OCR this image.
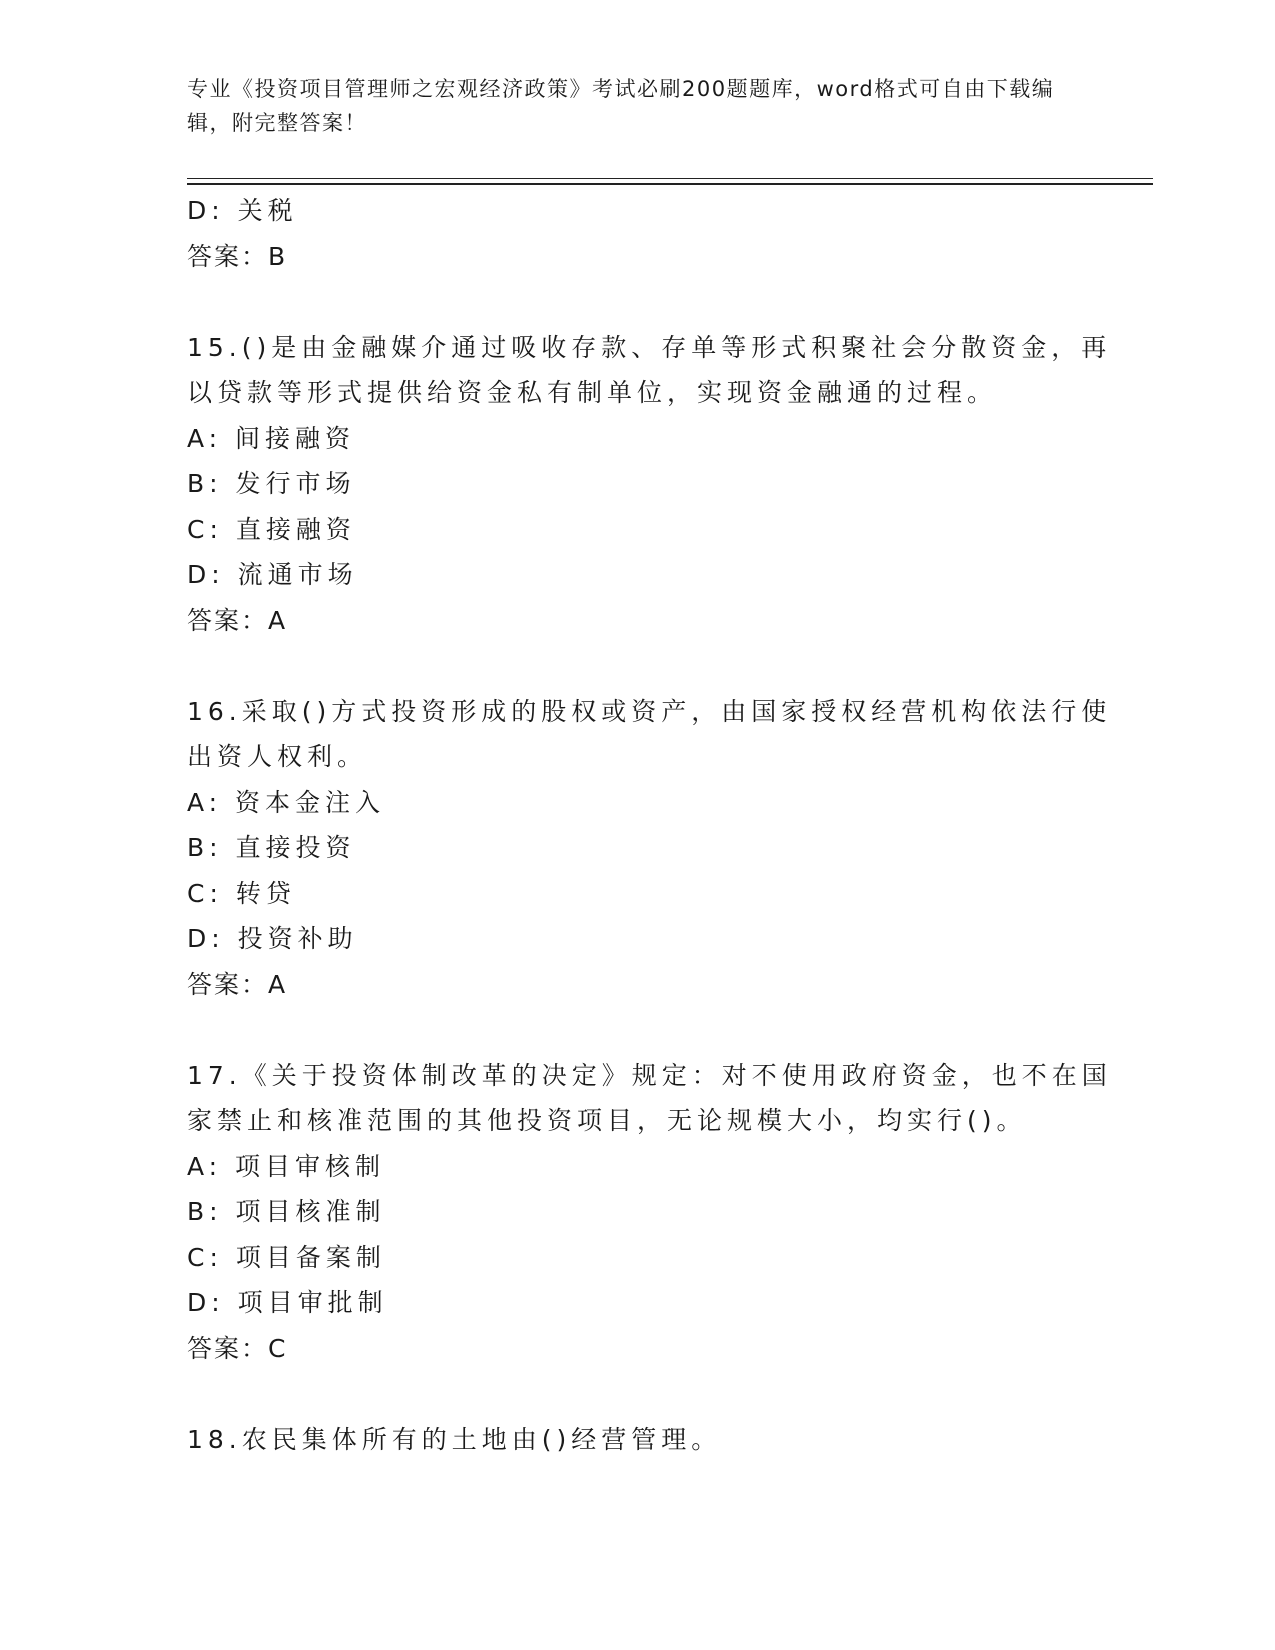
专业《投资项目管理师之宏观经济政策》考试必刷200题题库，word格式可自由下载编辑，附完整答案！
D: 关税
答案：B
15.()是由金融媒介通过吸收存款、存单等形式积聚社会分散资金，再
以贷款等形式提供给资金私有制单位，实现资金融通的过程。
A: 间接融资
B: 发行市场
C: 直接融资
D: 流通市场
答案：A
16.采取()方式投资形成的股权或资产，由国家授权经营机构依法行使
出资人权利。
A: 资本金注入
B: 直接投资
C: 转贷
D: 投资补助
答案：A
17.《关于投资体制改革的决定》规定：对不使用政府资金，也不在国
家禁止和核准范围的其他投资项目，无论规模大小，均实行()。
A: 项目审核制
B: 项目核准制
C: 项目备案制
D: 项目审批制
答案：C
18.农民集体所有的土地由()经营管理。
